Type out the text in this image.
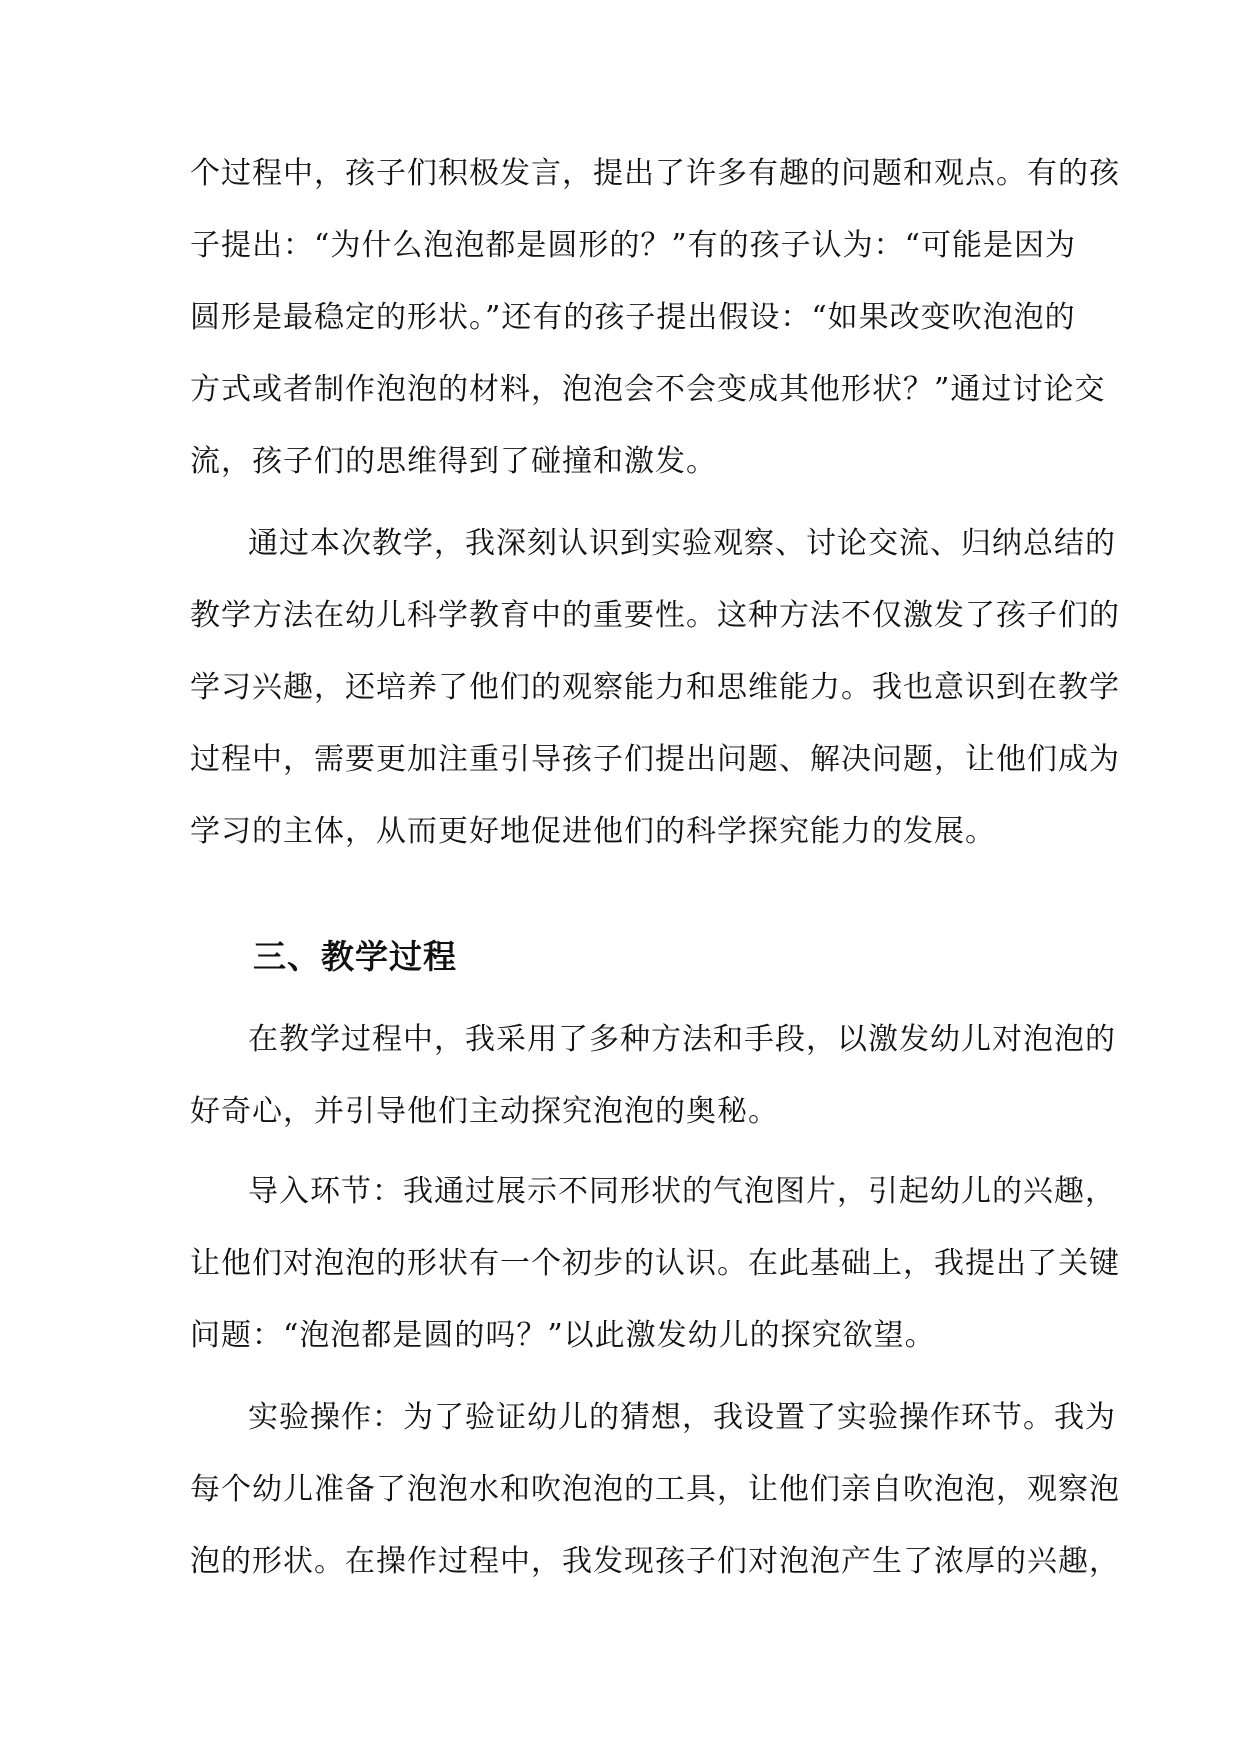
个过程中，孩子们积极发言，提出了许多有趣的问题和观点。有的孩
子提出：“为什么泡泡都是圆形的？”有的孩子认为：“可能是因为
圆形是最稳定的形状。”还有的孩子提出假设：“如果改变吹泡泡的
方式或者制作泡泡的材料，泡泡会不会变成其他形状？”通过讨论交
流，孩子们的思维得到了碰撞和激发。
通过本次教学，我深刻认识到实验观察、讨论交流、归纳总结的
教学方法在幼儿科学教育中的重要性。这种方法不仅激发了孩子们的
学习兴趣，还培养了他们的观察能力和思维能力。我也意识到在教学
过程中，需要更加注重引导孩子们提出问题、解决问题，让他们成为
学习的主体，从而更好地促进他们的科学探究能力的发展。
三、教学过程
在教学过程中，我采用了多种方法和手段，以激发幼儿对泡泡的
好奇心，并引导他们主动探究泡泡的奥秘。
导入环节：我通过展示不同形状的气泡图片，引起幼儿的兴趣，
让他们对泡泡的形状有一个初步的认识。在此基础上，我提出了关键
问题：“泡泡都是圆的吗？”以此激发幼儿的探究欲望。
实验操作：为了验证幼儿的猜想，我设置了实验操作环节。我为
每个幼儿准备了泡泡水和吹泡泡的工具，让他们亲自吹泡泡，观察泡
泡的形状。在操作过程中，我发现孩子们对泡泡产生了浓厚的兴趣，
